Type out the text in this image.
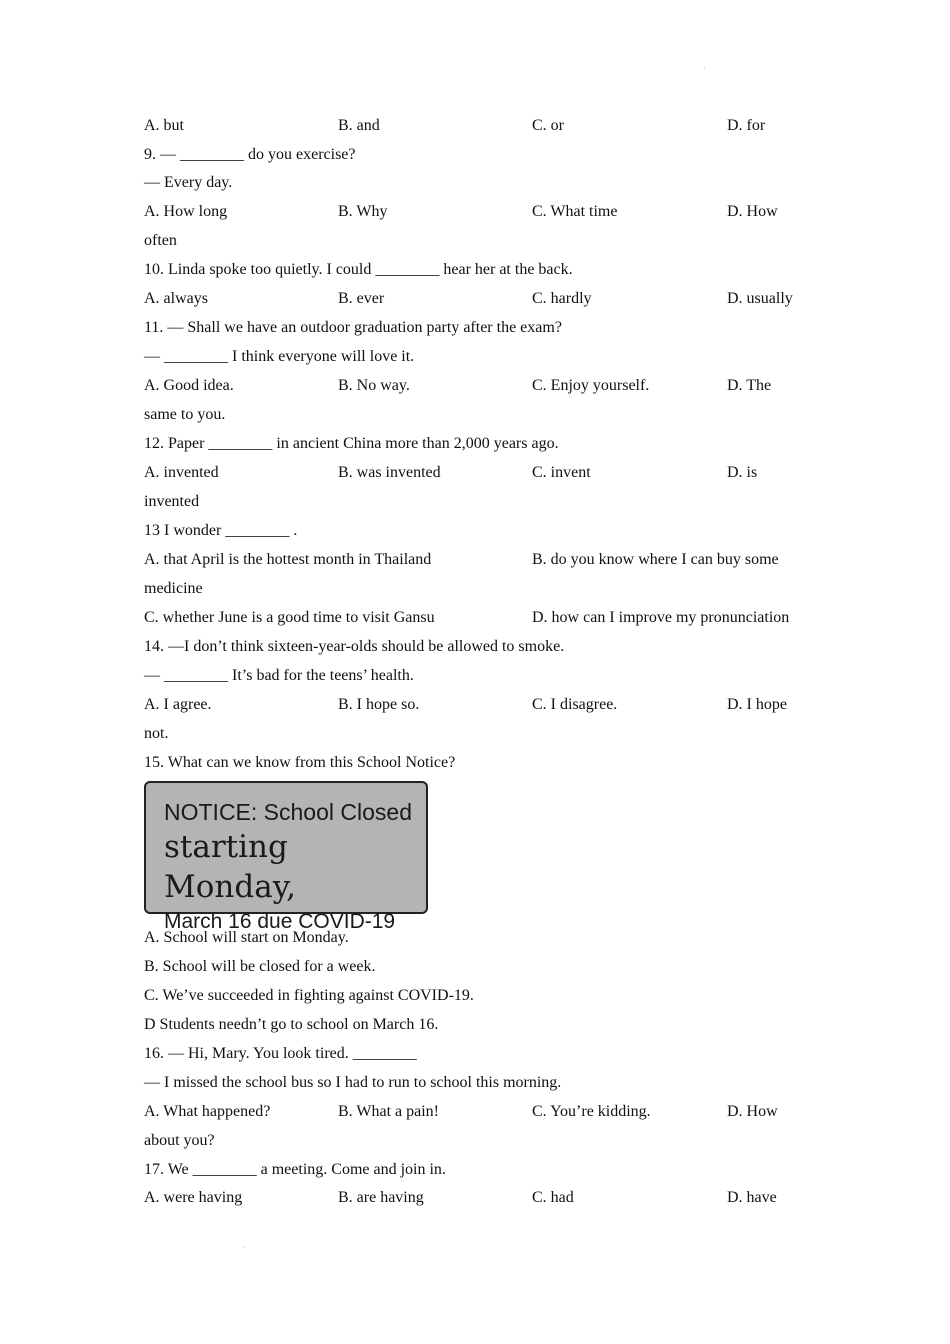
·
A. but	B. and	C. or	D. for
9. — ________ do you exercise?
— Every day.
A. How long	B. Why	C. What time	D. How
often
10. Linda spoke too quietly. I could ________ hear her at the back.
A. always	B. ever	C. hardly	D. usually
11. — Shall we have an outdoor graduation party after the exam?
— ________ I think everyone will love it.
A. Good idea.	B. No way.	C. Enjoy yourself.	D. The
same to you.
12. Paper ________ in ancient China more than 2,000 years ago.
A. invented	B. was invented	C. invent	D. is
invented
13 I wonder ________ .
A. that April is the hottest month in Thailand	B. do you know where I can buy some
medicine
C. whether June is a good time to visit Gansu	D. how can I improve my pronunciation
14. —I don’t think sixteen-year-olds should be allowed to smoke.
— ________ It’s bad for the teens’ health.
A. I agree.	B. I hope so.	C. I disagree.	D. I hope
not.
15. What can we know from this School Notice?
NOTICE: School Closed
starting Monday,
March 16 due COVID-19
A. School will start on Monday.
B. School will be closed for a week.
C. We’ve succeeded in fighting against COVID-19.
D Students needn’t go to school on March 16.
16. — Hi, Mary. You look tired. ________
— I missed the school bus so I had to run to school this morning.
A. What happened?	B. What a pain!	C. You’re kidding.	D. How
about you?
17. We ________ a meeting. Come and join in.
A. were having	B. are having	C. had	D. have
·
